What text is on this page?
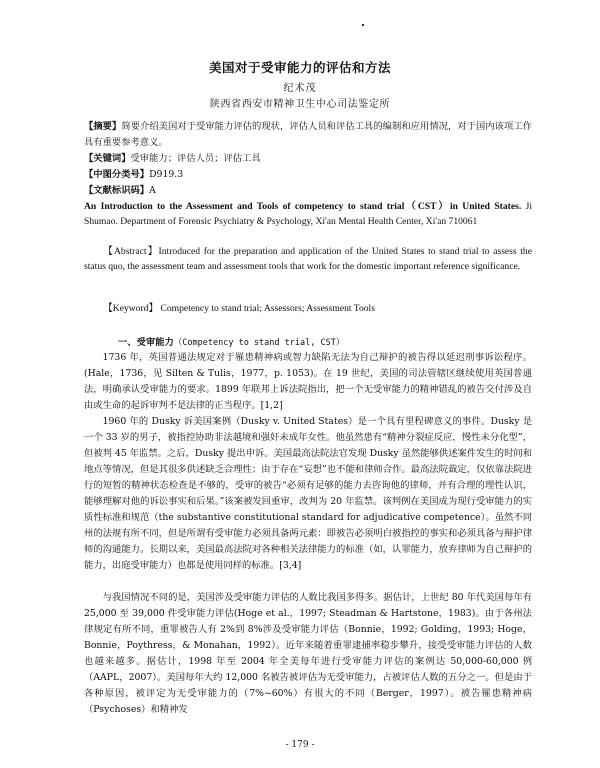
美国对于受审能力的评估和方法
纪术茂
陕西省西安市精神卫生中心司法鉴定所
【摘要】简要介绍美国对于受审能力评估的现状，评估人员和评估工具的编制和应用情况，对于国内该项工作具有重要参考意义。
【关键词】受审能力；评估人员；评估工具
【中图分类号】D919.3
【文献标识码】A
An Introduction to the Assessment and Tools of competency to stand trial（CST）in United States. Ji Shumao. Department of Forensic Psychiatry & Psychology, Xi'an Mental Health Center, Xi'an 710061
【Abstract】Introduced for the preparation and application of the United States to stand trial to assess the status quo, the assessment team and assessment tools that work for the domestic important reference significance.
【Keyword】 Competency to stand trial; Assessors; Assessment Tools
一、受审能力（Competency to stand trial, CST）
1736 年，英国普通法规定对于罹患精神病或智力缺陷无法为自己辩护的被告得以延迟刑事诉讼程序。(Hale，1736，见 Silten & Tulis，1977，p. 1053)。在 19 世纪，美国的司法管辖区继续使用英国普通法，明确承认受审能力的要求。1899 年联邦上诉法院指出，把一个无受审能力的精神错乱的被告交付涉及自由或生命的起诉审判不是法律的正当程序。[1,2]
1960 年的 Dusky 诉美国案例（Dusky v. United States）是一个具有里程碑意义的事件。Dusky 是一个 33 岁的男子，被指控协助非法越境和强奸未成年女性。他虽然患有“精神分裂症反应，慢性未分化型”，但被判 45 年监禁。之后，Dusky 提出申诉。美国最高法院法官发现 Dusky 虽然能够供述案件发生的时间和地点等情况，但是其很多供述缺乏合理性；由于存在“妄想”也不能和律师合作。最高法院裁定，仅依靠法院进行的短暂的精神状态检查是不够的，受审的被告“必须有足够的能力去咨询他的律师，并有合理的理性认识，能够理解对他的诉讼事实和后果。”该案被发回重审，改判为 20 年监禁。该判例在美国成为现行受审能力的实质性标准和规范（the substantive constitutional standard for adjudicative competence）。虽然不同州的法规有所不同，但是所谓有受审能力必须具备两元素：即被告必须明白被指控的事实和必须具备与辩护律师的沟通能力。长期以来，美国最高法院对各种相关法律能力的标准（如，认罪能力，放弃律师为自己辩护的能力，出庭受审能力）也都是使用同样的标准。[3,4]
与我国情况不同的是，美国涉及受审能力评估的人数比我国多得多。据估计，上世纪 80 年代美国每年有 25,000 至 39,000 件受审能力评估(Hoge et al.，1997; Steadman & Hartstone，1983)。由于各州法律规定有所不同，重罪被告人有 2%到 8%涉及受审能力评估（Bonnie，1992; Golding，1993; Hoge，Bonnie，Poythress，& Monahan，1992）。近年来随着重罪逮捕率稳步攀升，接受受审能力评估的人数也越来越多。据估计，1998 年至 2004 年全美每年进行受审能力评估的案例达 50,000-60,000 例（AAPL，2007）。美国每年大约 12,000 名被告被评估为无受审能力，占被评估人数的五分之一。但是由于各种原因，被评定为无受审能力的（7%~60%）有很大的不同（Berger，1997）。被告罹患精神病（Psychoses）和精神发
- 179 -
